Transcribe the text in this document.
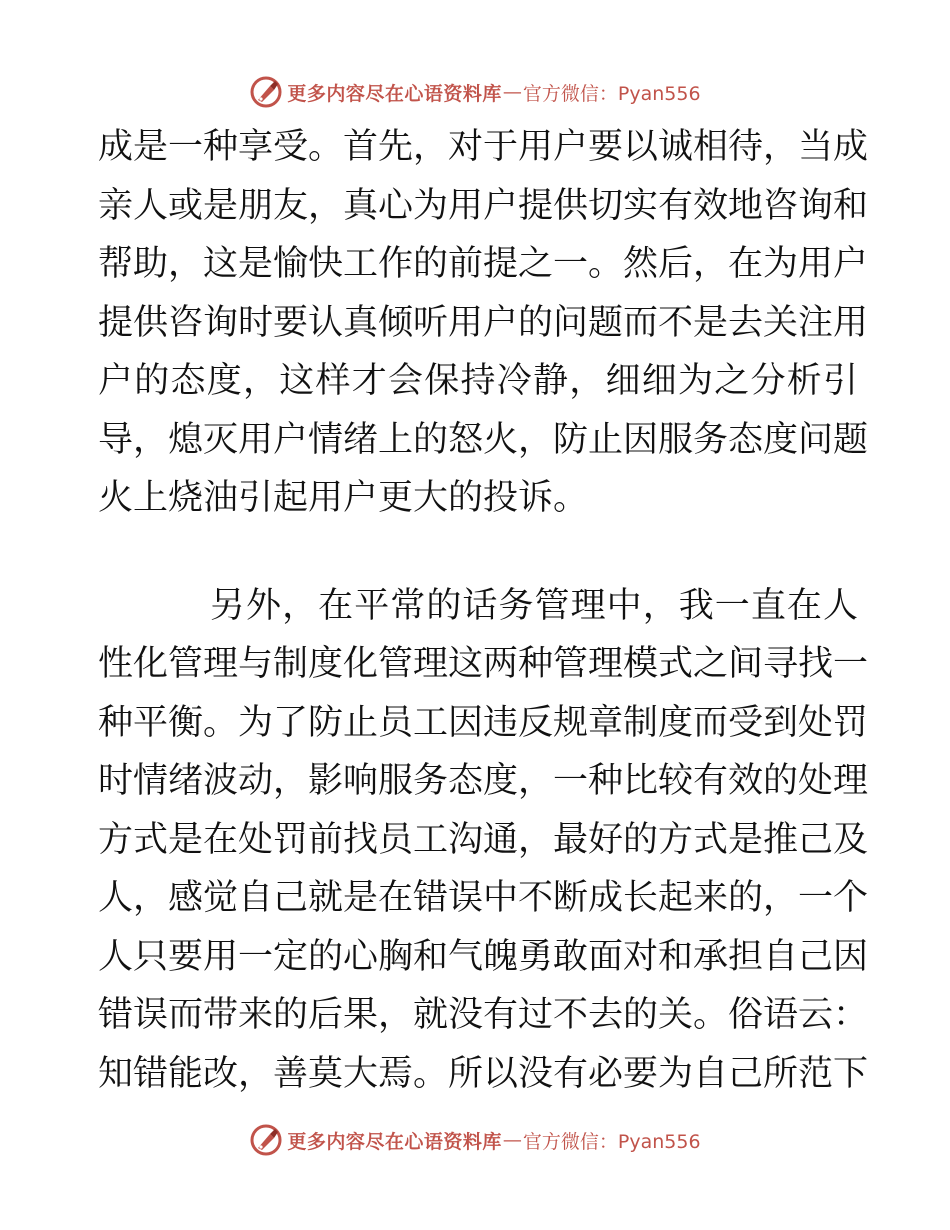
更多内容尽在心语资料库 — 官方微信：Pyan556
成是一种享受。首先，对于用户要以诚相待，当成
亲人或是朋友，真心为用户提供切实有效地咨询和
帮助，这是愉快工作的前提之一。然后，在为用户
提供咨询时要认真倾听用户的问题而不是去关注用
户的态度，这样才会保持冷静，细细为之分析引
导，熄灭用户情绪上的怒火，防止因服务态度问题
火上烧油引起用户更大的投诉。
另外，在平常的话务管理中，我一直在人
性化管理与制度化管理这两种管理模式之间寻找一
种平衡。为了防止员工因违反规章制度而受到处罚
时情绪波动，影响服务态度，一种比较有效的处理
方式是在处罚前找员工沟通，最好的方式是推己及
人，感觉自己就是在错误中不断成长起来的，一个
人只要用一定的心胸和气魄勇敢面对和承担自己因
错误而带来的后果，就没有过不去的关。俗语云：
知错能改，善莫大焉。所以没有必要为自己所范下
更多内容尽在心语资料库 — 官方微信：Pyan556
